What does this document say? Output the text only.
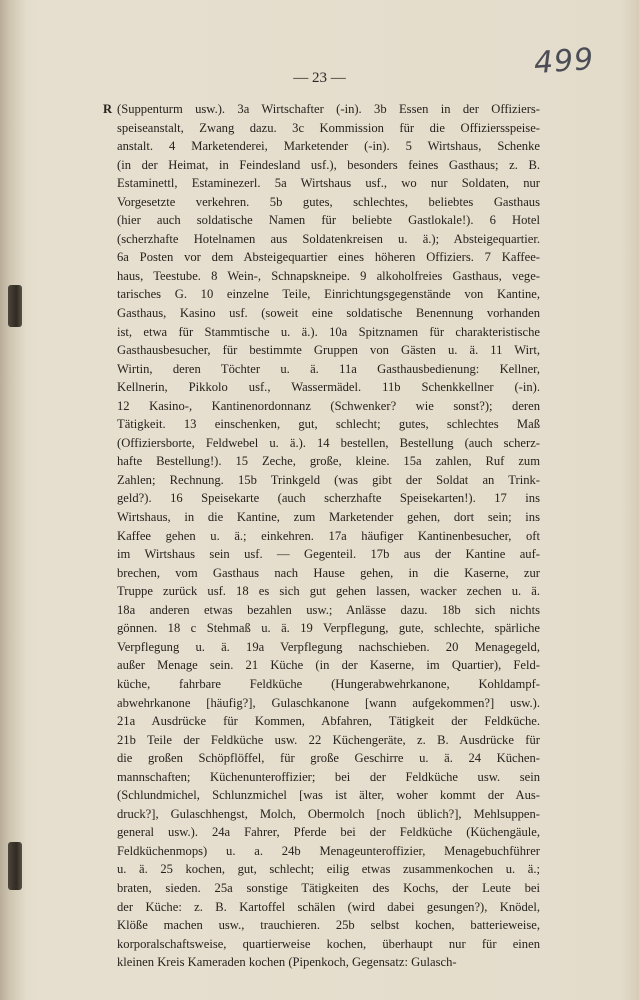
499
— 23 —
R (Suppenturm usw.). 3a Wirtschafter (-in). 3b Essen in der Offiziers-
speiseanstalt, Zwang dazu. 3c Kommission für die Offiziersspeise-
anstalt. 4 Marketenderei, Marketender (-in). 5 Wirtshaus, Schenke
(in der Heimat, in Feindesland usf.), besonders feines Gasthaus; z. B.
Estaminettl, Estaminezerl. 5a Wirtshaus usf., wo nur Soldaten, nur
Vorgesetzte verkehren. 5b gutes, schlechtes, beliebtes Gasthaus
(hier auch soldatische Namen für beliebte Gastlokale!). 6 Hotel
(scherzhafte Hotelnamen aus Soldatenkreisen u. ä.); Absteigequartier.
6a Posten vor dem Absteigequartier eines höheren Offiziers. 7 Kaffee-
haus, Teestube. 8 Wein-, Schnapskneipe. 9 alkoholfreies Gasthaus, vege-
tarisches G. 10 einzelne Teile, Einrichtungsgegenstände von Kantine,
Gasthaus, Kasino usf. (soweit eine soldatische Benennung vorhanden
ist, etwa für Stammtische u. ä.). 10a Spitznamen für charakteristische
Gasthausbesucher, für bestimmte Gruppen von Gästen u. ä. 11 Wirt,
Wirtin, deren Töchter u. ä. 11a Gasthausbedienung: Kellner,
Kellnerin, Pikkolo usf., Wassermädel. 11b Schenkkellner (-in).
12 Kasino-, Kantinenordonnanz (Schwenker? wie sonst?); deren
Tätigkeit. 13 einschenken, gut, schlecht; gutes, schlechtes Maß
(Offiziersborte, Feldwebel u. ä.). 14 bestellen, Bestellung (auch scherz-
hafte Bestellung!). 15 Zeche, große, kleine. 15a zahlen, Ruf zum
Zahlen; Rechnung. 15b Trinkgeld (was gibt der Soldat an Trink-
geld?). 16 Speisekarte (auch scherzhafte Speisekarten!). 17 ins
Wirtshaus, in die Kantine, zum Marketender gehen, dort sein; ins
Kaffee gehen u. ä.; einkehren. 17a häufiger Kantinenbesucher, oft
im Wirtshaus sein usf. — Gegenteil. 17b aus der Kantine auf-
brechen, vom Gasthaus nach Hause gehen, in die Kaserne, zur
Truppe zurück usf. 18 es sich gut gehen lassen, wacker zechen u. ä.
18a anderen etwas bezahlen usw.; Anlässe dazu. 18b sich nichts
gönnen. 18 c Stehmaß u. ä. 19 Verpflegung, gute, schlechte, spärliche
Verpflegung u. ä. 19a Verpflegung nachschieben. 20 Menagegeld,
außer Menage sein. 21 Küche (in der Kaserne, im Quartier), Feld-
küche, fahrbare Feldküche (Hungerabwehrkanone, Kohldampf-
abwehrkanone [häufig?], Gulaschkanone [wann aufgekommen?] usw.).
21a Ausdrücke für Kommen, Abfahren, Tätigkeit der Feldküche.
21b Teile der Feldküche usw. 22 Küchengeräte, z. B. Ausdrücke für
die großen Schöpflöffel, für große Geschirre u. ä. 24 Küchen-
mannschaften; Küchenunteroffizier; bei der Feldküche usw. sein
(Schlundmichel, Schlunzmichel [was ist älter, woher kommt der Aus-
druck?], Gulaschhengst, Molch, Obermolch [noch üblich?], Mehlsuppen-
general usw.). 24a Fahrer, Pferde bei der Feldküche (Küchengäule,
Feldküchenmops) u. a. 24b Menageunteroffizier, Menagebuchführer
u. ä. 25 kochen, gut, schlecht; eilig etwas zusammenkochen u. ä.;
braten, sieden. 25a sonstige Tätigkeiten des Kochs, der Leute bei
der Küche: z. B. Kartoffel schälen (wird dabei gesungen?), Knödel,
Klöße machen usw., trauchieren. 25b selbst kochen, batterieweise,
korporalschaftsweise, quartierweise kochen, überhaupt nur für einen
kleinen Kreis Kameraden kochen (Pipenkoch, Gegensatz: Gulasch-
